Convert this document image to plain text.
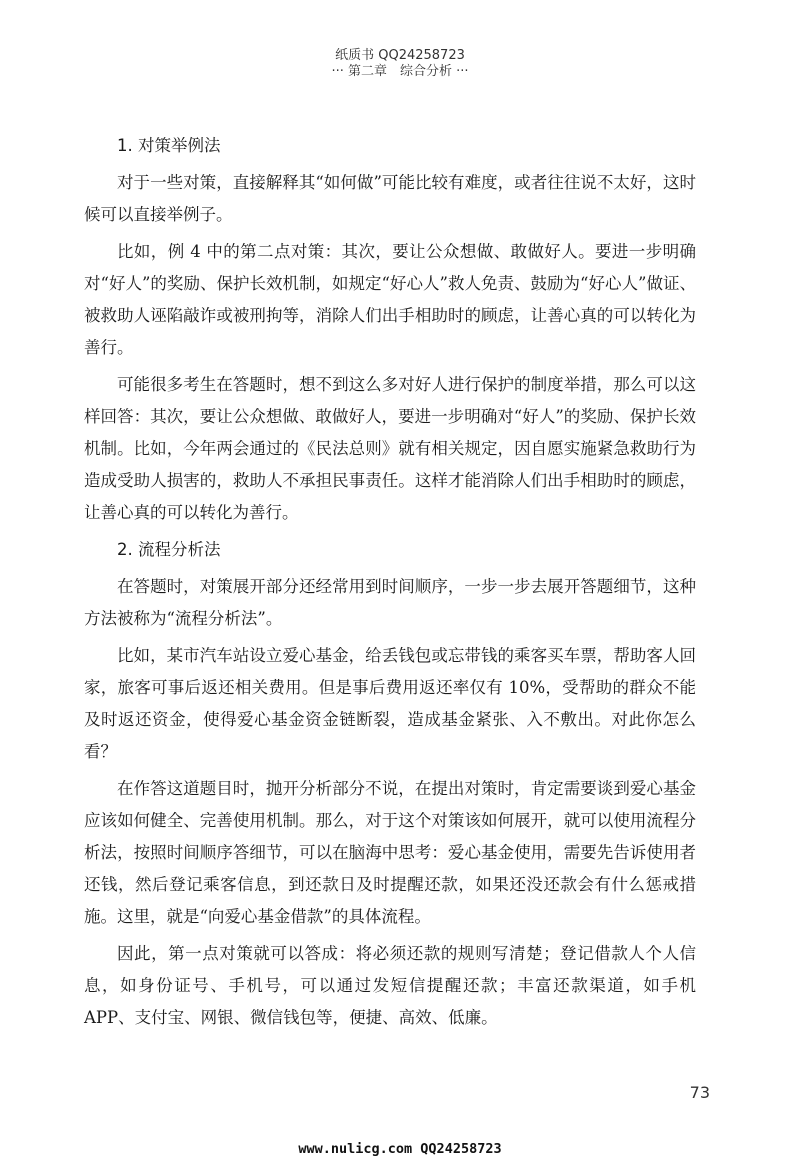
纸质书 QQ24258723
··· 第二章　综合分析 ···
1. 对策举例法

对于一些对策，直接解释其“如何做”可能比较有难度，或者往往说不太好，这时候可以直接举例子。

比如，例 4 中的第二点对策：其次，要让公众想做、敢做好人。要进一步明确对“好人”的奖励、保护长效机制，如规定“好心人”救人免责、鼓励为“好心人”做证、被救助人诬陷敲诈或被刑拘等，消除人们出手相助时的顾虑，让善心真的可以转化为善行。

可能很多考生在答题时，想不到这么多对好人进行保护的制度举措，那么可以这样回答：其次，要让公众想做、敢做好人，要进一步明确对“好人”的奖励、保护长效机制。比如，今年两会通过的《民法总则》就有相关规定，因自愿实施紧急救助行为造成受助人损害的，救助人不承担民事责任。这样才能消除人们出手相助时的顾虑，让善心真的可以转化为善行。

2. 流程分析法

在答题时，对策展开部分还经常用到时间顺序，一步一步去展开答题细节，这种方法被称为“流程分析法”。

比如，某市汽车站设立爱心基金，给丢钱包或忘带钱的乘客买车票，帮助客人回家，旅客可事后返还相关费用。但是事后费用返还率仅有 10%，受帮助的群众不能及时返还资金，使得爱心基金资金链断裂，造成基金紧张、入不敷出。对此你怎么看？

在作答这道题目时，抛开分析部分不说，在提出对策时，肯定需要谈到爱心基金应该如何健全、完善使用机制。那么，对于这个对策该如何展开，就可以使用流程分析法，按照时间顺序答细节，可以在脑海中思考：爱心基金使用，需要先告诉使用者还钱，然后登记乘客信息，到还款日及时提醒还款，如果还没还款会有什么惩戒措施。这里，就是“向爱心基金借款”的具体流程。

因此，第一点对策就可以答成：将必须还款的规则写清楚；登记借款人个人信息，如身份证号、手机号，可以通过发短信提醒还款；丰富还款渠道，如手机 APP、支付宝、网银、微信钱包等，便捷、高效、低廉。

73
www.nulicg.com QQ24258723
